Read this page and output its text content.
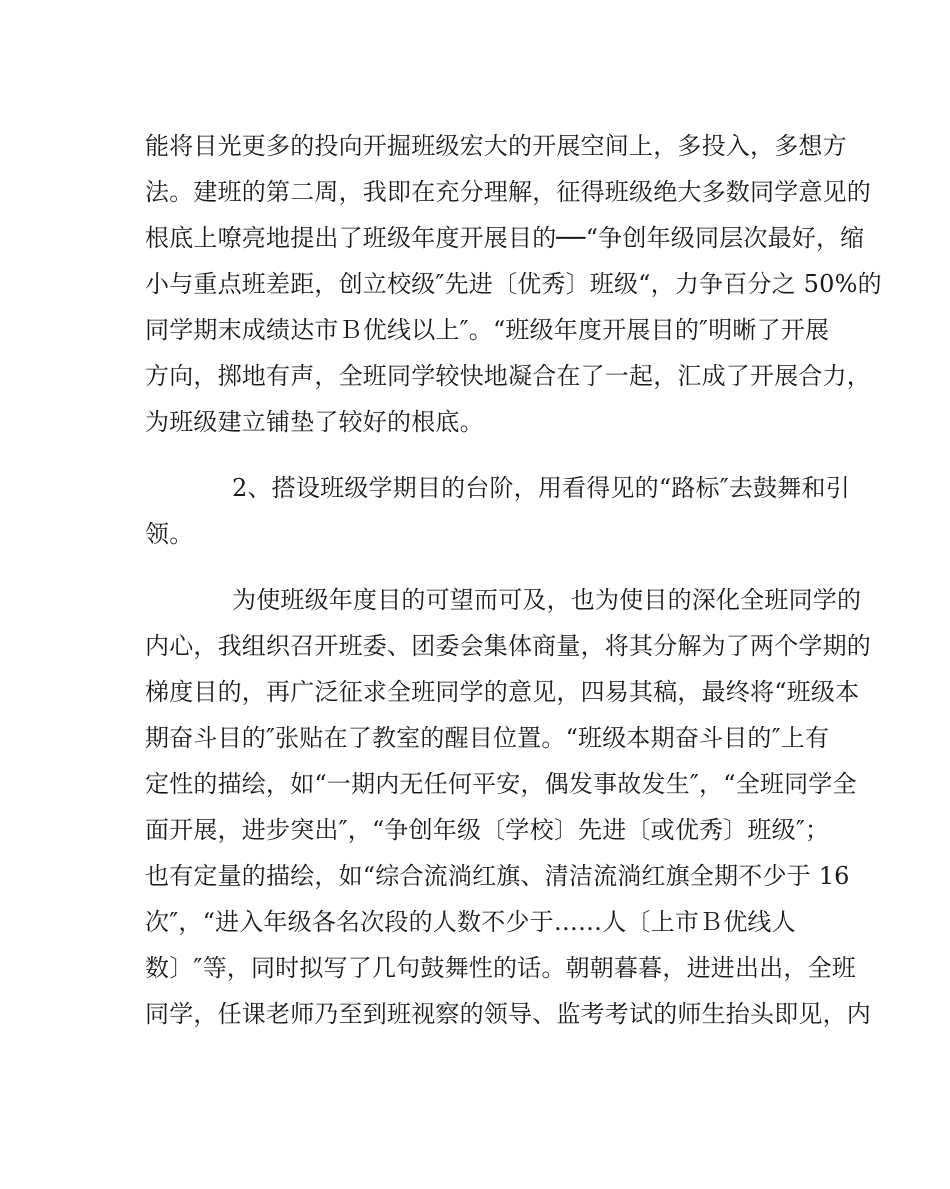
能将目光更多的投向开掘班级宏大的开展空间上，多投入，多想方
法。建班的第二周，我即在充分理解，征得班级绝大多数同学意见的
根底上嘹亮地提出了班级年度开展目的──“争创年级同层次最好，缩
小与重点班差距，创立校级″先进〔优秀〕班级“，力争百分之 50%的
同学期末成绩达市Ｂ优线以上″。“班级年度开展目的″明晰了开展
方向，掷地有声，全班同学较快地凝合在了一起，汇成了开展合力，
为班级建立铺垫了较好的根底。
2、搭设班级学期目的台阶，用看得见的“路标″去鼓舞和引
领。
为使班级年度目的可望而可及，也为使目的深化全班同学的
内心，我组织召开班委、团委会集体商量，将其分解为了两个学期的
梯度目的，再广泛征求全班同学的意见，四易其稿，最终将“班级本
期奋斗目的″张贴在了教室的醒目位置。“班级本期奋斗目的″上有
定性的描绘，如“一期内无任何平安，偶发事故发生″，“全班同学全
面开展，进步突出″，“争创年级〔学校〕先进〔或优秀〕班级″；
也有定量的描绘，如“综合流淌红旗、清洁流淌红旗全期不少于 16
次″，“进入年级各名次段的人数不少于……人〔上市Ｂ优线人
数〕″等，同时拟写了几句鼓舞性的话。朝朝暮暮，进进出出，全班
同学，任课老师乃至到班视察的领导、监考考试的师生抬头即见，内
